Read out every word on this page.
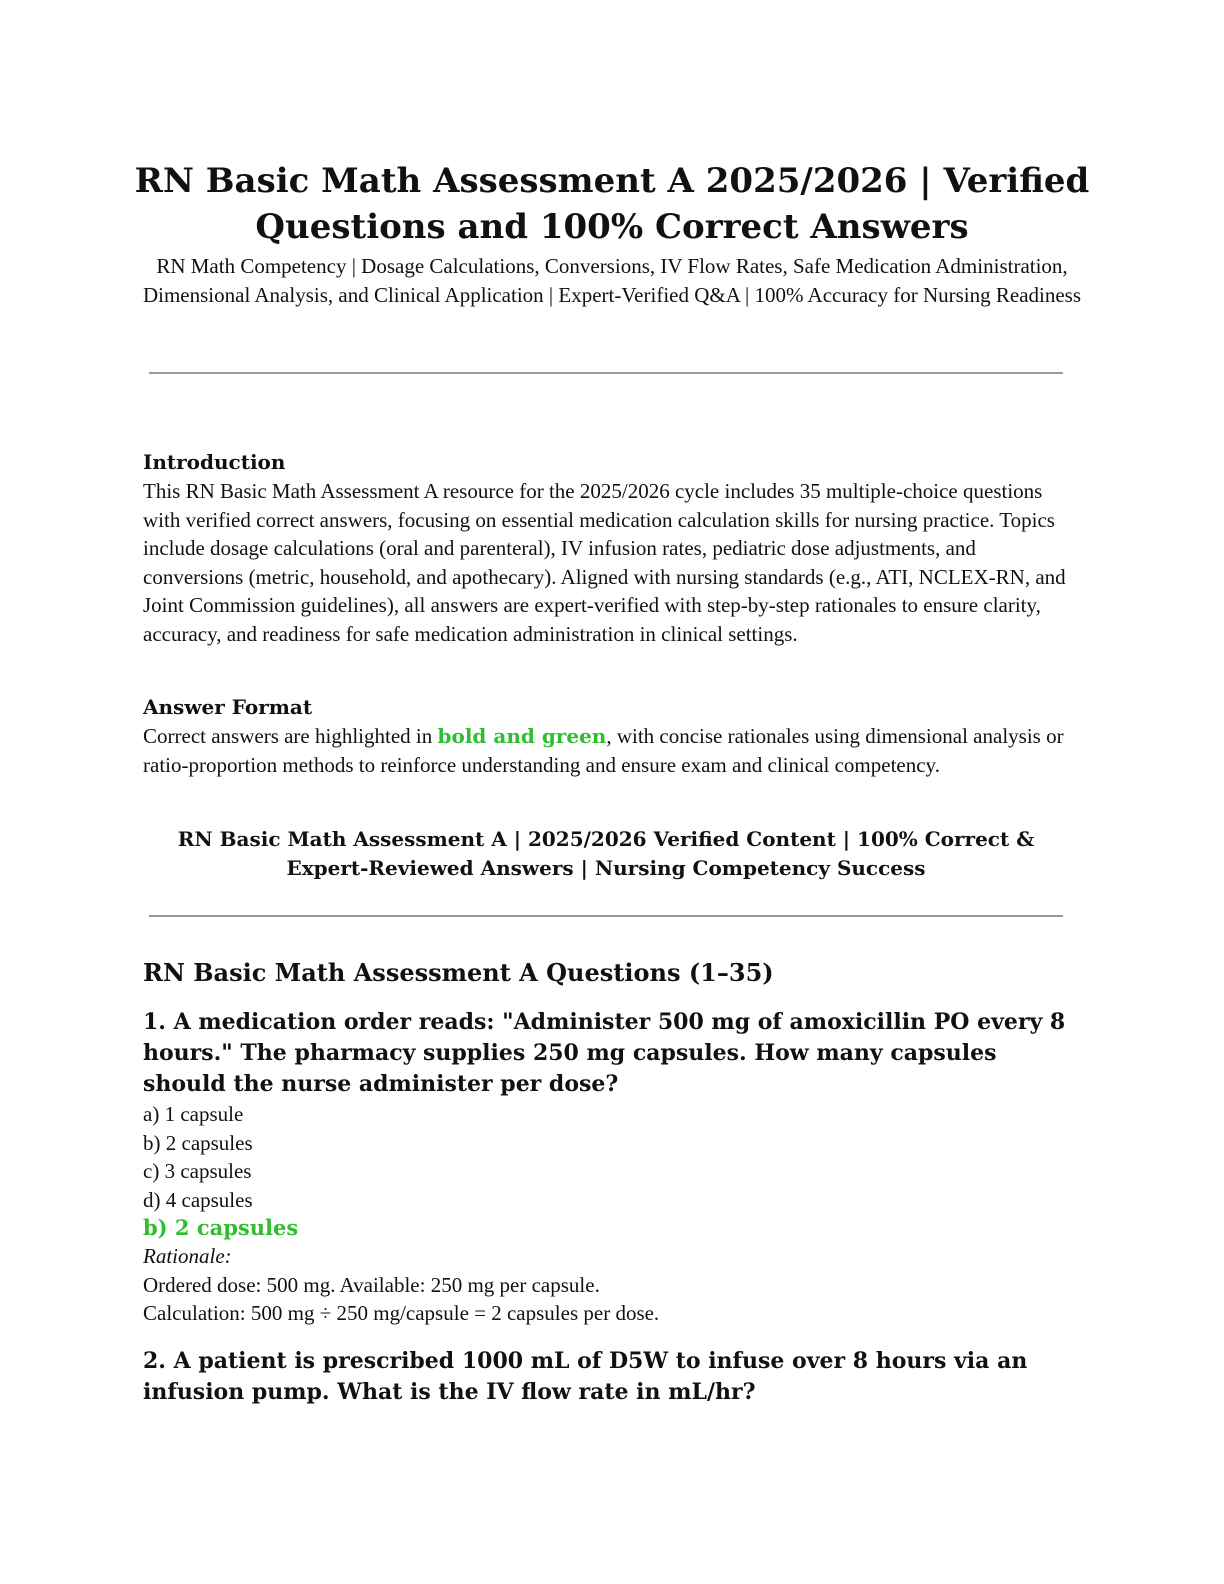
RN Basic Math Assessment A 2025/2026 | Verified Questions and 100% Correct Answers

RN Math Competency | Dosage Calculations, Conversions, IV Flow Rates, Safe Medication Administration, Dimensional Analysis, and Clinical Application | Expert-Verified Q&A | 100% Accuracy for Nursing Readiness

Introduction

This RN Basic Math Assessment A resource for the 2025/2026 cycle includes 35 multiple-choice questions with verified correct answers, focusing on essential medication calculation skills for nursing practice. Topics include dosage calculations (oral and parenteral), IV infusion rates, pediatric dose adjustments, and conversions (metric, household, and apothecary). Aligned with nursing standards (e.g., ATI, NCLEX-RN, and Joint Commission guidelines), all answers are expert-verified with step-by-step rationales to ensure clarity, accuracy, and readiness for safe medication administration in clinical settings.

Answer Format

Correct answers are highlighted in bold and green, with concise rationales using dimensional analysis or ratio-proportion methods to reinforce understanding and ensure exam and clinical competency.

RN Basic Math Assessment A | 2025/2026 Verified Content | 100% Correct & Expert-Reviewed Answers | Nursing Competency Success

RN Basic Math Assessment A Questions (1–35)

1. A medication order reads: "Administer 500 mg of amoxicillin PO every 8 hours." The pharmacy supplies 250 mg capsules. How many capsules should the nurse administer per dose?

a) 1 capsule
b) 2 capsules
c) 3 capsules
d) 4 capsules

b) 2 capsules

Rationale:

Ordered dose: 500 mg. Available: 250 mg per capsule.

Calculation: 500 mg ÷ 250 mg/capsule = 2 capsules per dose.

2. A patient is prescribed 1000 mL of D5W to infuse over 8 hours via an infusion pump. What is the IV flow rate in mL/hr?
